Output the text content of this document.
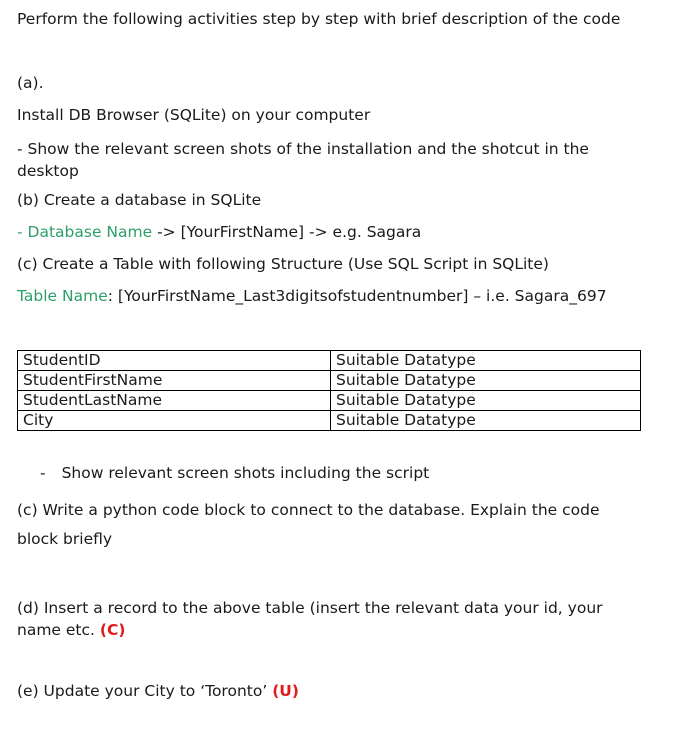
Perform the following activities step by step with brief description of the code
(a).
Install DB Browser (SQLite) on your computer
- Show the relevant screen shots of the installation and the shotcut in the desktop
(b) Create a database in SQLite
- Database Name -> [YourFirstName] -> e.g. Sagara
(c) Create a Table with following Structure (Use SQL Script in SQLite)
Table Name: [YourFirstName_Last3digitsofstudentnumber] – i.e. Sagara_697
StudentID	Suitable Datatype
StudentFirstName	Suitable Datatype
StudentLastName	Suitable Datatype
City	Suitable Datatype
- Show relevant screen shots including the script
(c) Write a python code block to connect to the database. Explain the code block briefly
(d) Insert a record to the above table (insert the relevant data your id, your name etc. (C)
(e) Update your City to ‘Toronto’ (U)
